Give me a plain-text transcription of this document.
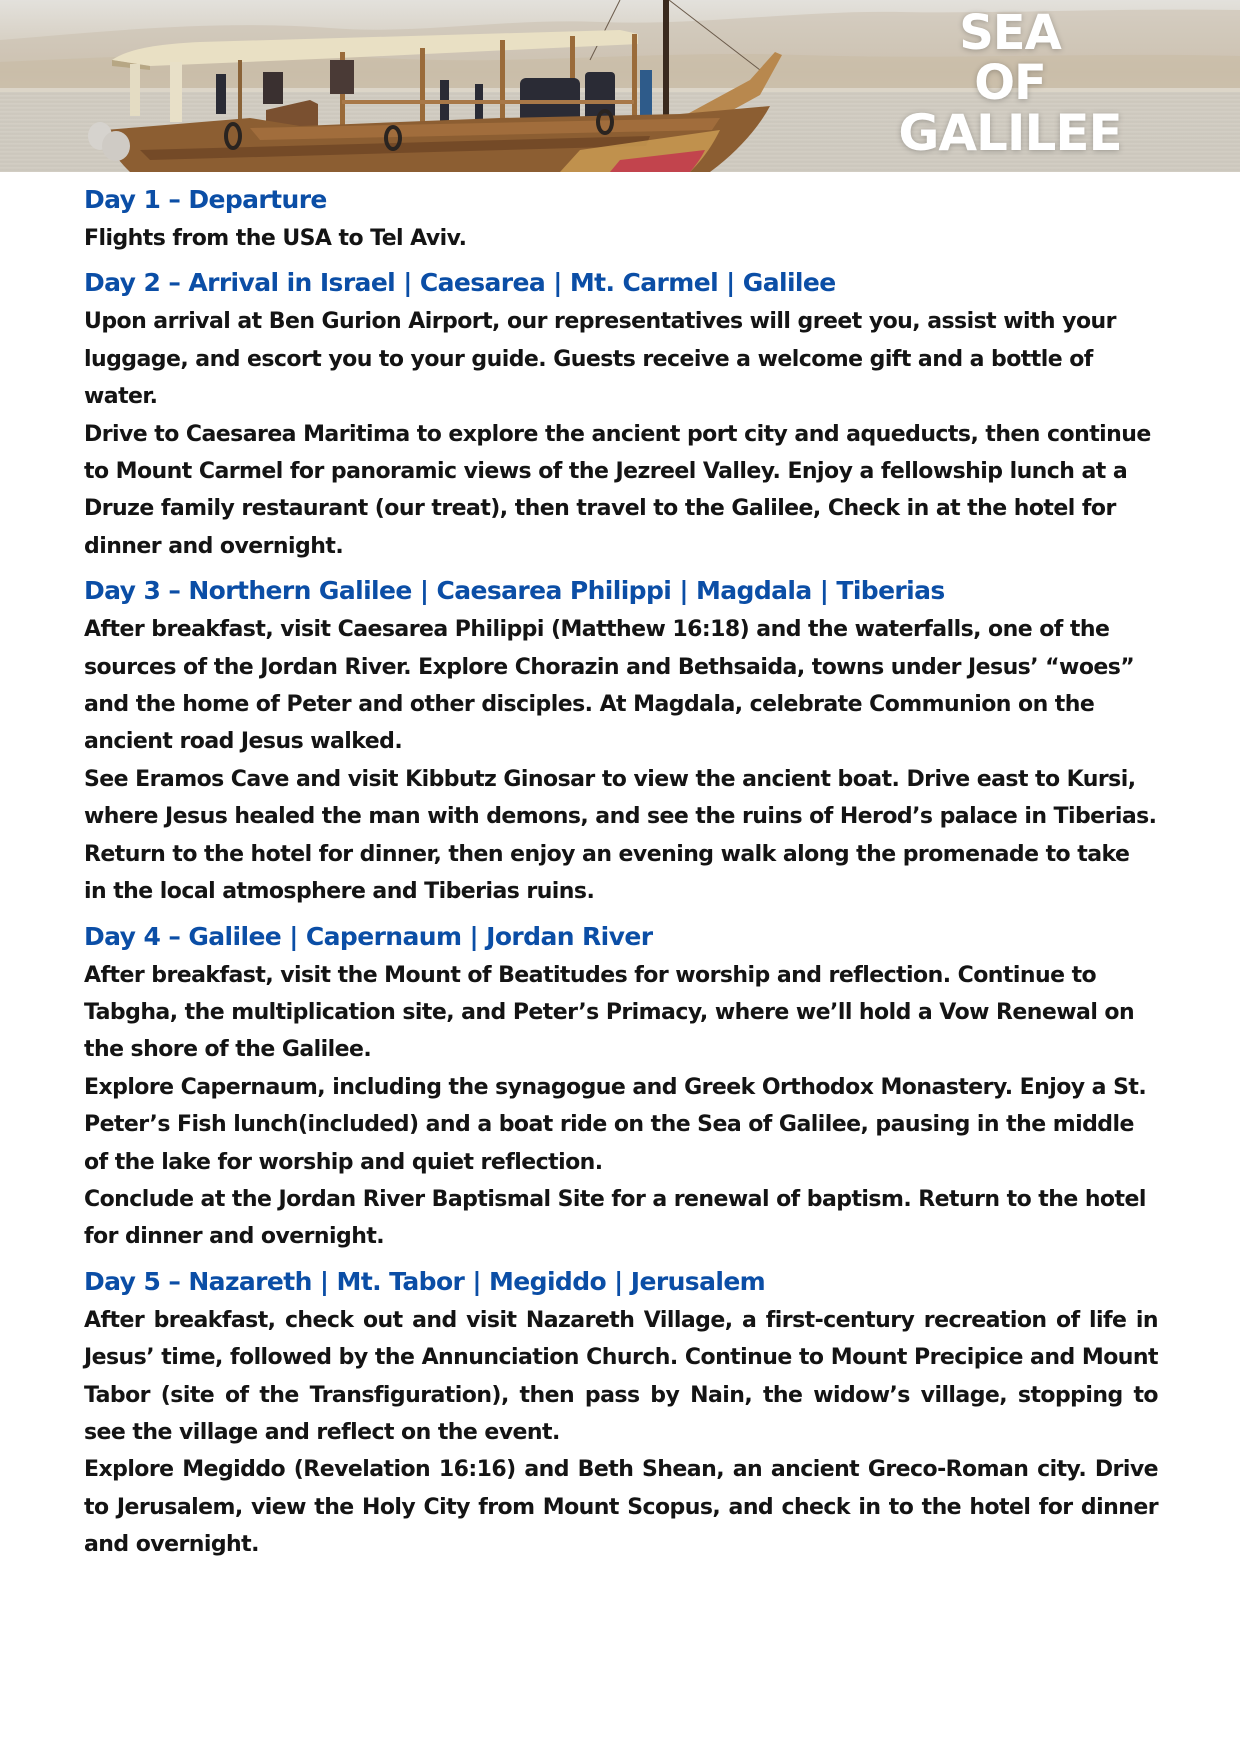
SEA
OF
GALILEE
Day 1 – Departure

Flights from the USA to Tel Aviv.

Day 2 – Arrival in Israel | Caesarea | Mt. Carmel | Galilee

Upon arrival at Ben Gurion Airport, our representatives will greet you, assist with your luggage, and escort you to your guide. Guests receive a welcome gift and a bottle of water.

Drive to Caesarea Maritima to explore the ancient port city and aqueducts, then continue to Mount Carmel for panoramic views of the Jezreel Valley. Enjoy a fellowship lunch at a Druze family restaurant (our treat), then travel to the Galilee, Check in at the hotel for dinner and overnight.

Day 3 – Northern Galilee | Caesarea Philippi | Magdala | Tiberias

After breakfast, visit Caesarea Philippi (Matthew 16:18) and the waterfalls, one of the sources of the Jordan River. Explore Chorazin and Bethsaida, towns under Jesus’ “woes” and the home of Peter and other disciples. At Magdala, celebrate Communion on the ancient road Jesus walked.

See Eramos Cave and visit Kibbutz Ginosar to view the ancient boat. Drive east to Kursi, where Jesus healed the man with demons, and see the ruins of Herod’s palace in Tiberias. Return to the hotel for dinner, then enjoy an evening walk along the promenade to take in the local atmosphere and Tiberias ruins.

Day 4 – Galilee | Capernaum | Jordan River

After breakfast, visit the Mount of Beatitudes for worship and reflection. Continue to Tabgha, the multiplication site, and Peter’s Primacy, where we’ll hold a Vow Renewal on the shore of the Galilee.

Explore Capernaum, including the synagogue and Greek Orthodox Monastery. Enjoy a St. Peter’s Fish lunch(included) and a boat ride on the Sea of Galilee, pausing in the middle of the lake for worship and quiet reflection.

Conclude at the Jordan River Baptismal Site for a renewal of baptism. Return to the hotel for dinner and overnight.

Day 5 – Nazareth | Mt. Tabor | Megiddo | Jerusalem

After breakfast, check out and visit Nazareth Village, a first-century recreation of life in Jesus’ time, followed by the Annunciation Church. Continue to Mount Precipice and Mount Tabor (site of the Transfiguration), then pass by Nain, the widow’s village, stopping to see the village and reflect on the event.

Explore Megiddo (Revelation 16:16) and Beth Shean, an ancient Greco-Roman city. Drive to Jerusalem, view the Holy City from Mount Scopus, and check in to the hotel for dinner and overnight.
